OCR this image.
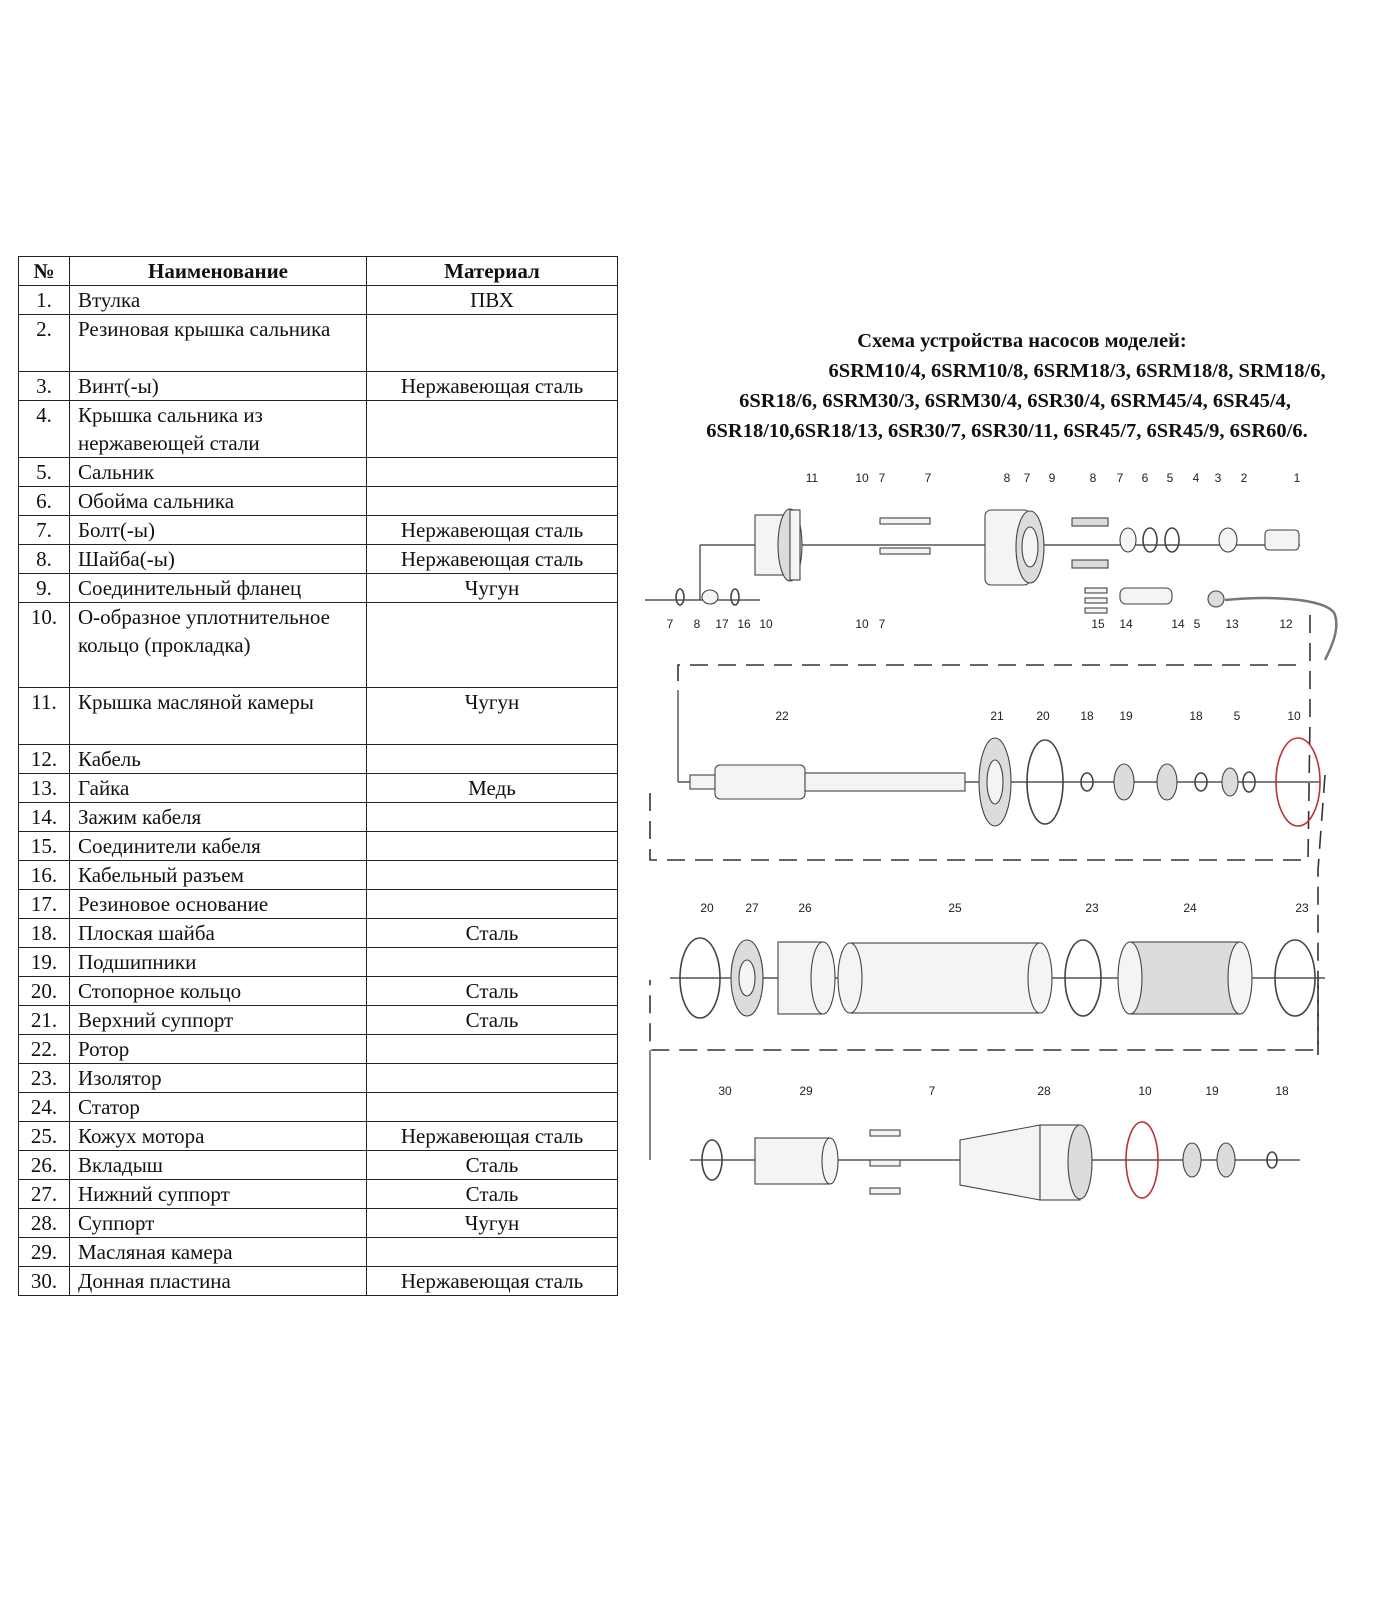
№	Наименование	Материал
1.	Втулка	ПВХ
2.	Резиновая крышка сальника	
3.	Винт(-ы)	Нержавеющая сталь
4.	Крышка сальника из нержавеющей стали	
5.	Сальник	
6.	Обойма сальника	
7.	Болт(-ы)	Нержавеющая сталь
8.	Шайба(-ы)	Нержавеющая сталь
9.	Соединительный фланец	Чугун
10.	О-образное уплотнительное кольцо (прокладка)	
11.	Крышка масляной камеры	Чугун
12.	Кабель	
13.	Гайка	Медь
14.	Зажим кабеля	
15.	Соединители кабеля	
16.	Кабельный разъем	
17.	Резиновое основание	
18.	Плоская шайба	Сталь
19.	Подшипники	
20.	Стопорное кольцо	Сталь
21.	Верхний суппорт	Сталь
22.	Ротор	
23.	Изолятор	
24.	Статор	
25.	Кожух мотора	Нержавеющая сталь
26.	Вкладыш	Сталь
27.	Нижний суппорт	Сталь
28.	Суппорт	Чугун
29.	Масляная камера	
30.	Донная пластина	Нержавеющая сталь
Схема устройства насосов моделей:
6SRM10/4, 6SRM10/8, 6SRM18/3, 6SRM18/8, SRM18/6,
6SR18/6, 6SRM30/3, 6SRM30/4, 6SR30/4, 6SRM45/4, 6SR45/4,
6SR18/10,6SR18/13, 6SR30/7, 6SR30/11, 6SR45/7, 6SR45/9, 6SR60/6.
11	10 7	7	8 7 9	8 7 6 5 4 3 2	1
7 8 17 16 10	10 7	15 14	14 5 13	12
22	21	20	18 19	18	5	10
20	27	26	25	23	24	23
30	29	7	28	10	19	18
